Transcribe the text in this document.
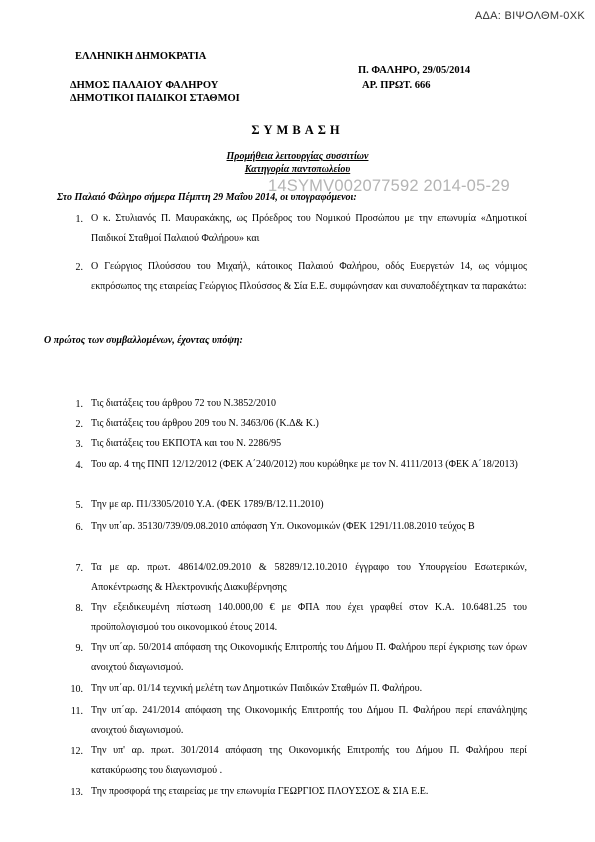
ΑΔΑ: ΒΙΨΟΛΘΜ-0ΧΚ
ΕΛΛΗΝΙΚΗ ΔΗΜΟΚΡΑΤΙΑ
ΔΗΜΟΣ ΠΑΛΑΙΟΥ ΦΑΛΗΡΟΥ
ΔΗΜΟΤΙΚΟΙ ΠΑΙΔΙΚΟΙ ΣΤΑΘΜΟΙ
Π. ΦΑΛΗΡΟ, 29/05/2014
ΑΡ. ΠΡΩΤ. 666
ΣΥΜΒΑΣΗ
Προμήθεια λειτουργίας συσσιτίων
Κατηγορία παντοπωλείου
14SYMV002077592 2014-05-29
Στο Παλαιό Φάληρο σήμερα Πέμπτη 29 Μαΐου 2014, οι υπογραφόμενοι:
1. Ο κ. Στυλιανός Π. Μαυρακάκης, ως Πρόεδρος του Νομικού Προσώπου με την επωνυμία «Δημοτικοί Παιδικοί Σταθμοί Παλαιού Φαλήρου» και
2. Ο Γεώργιος Πλούσσου του Μιχαήλ, κάτοικος Παλαιού Φαλήρου, οδός Ευεργετών 14, ως νόμιμος εκπρόσωπος της εταιρείας Γεώργιος Πλούσσος & Σία Ε.Ε. συμφώνησαν και συναποδέχτηκαν τα παρακάτω:
Ο πρώτος των συμβαλλομένων, έχοντας υπόψη:
1. Τις διατάξεις του άρθρου 72 του Ν.3852/2010
2. Τις διατάξεις του άρθρου 209 του Ν. 3463/06 (Κ.Δ& Κ.)
3. Τις διατάξεις του ΕΚΠΟΤΑ και του Ν. 2286/95
4. Του αρ. 4 της ΠΝΠ 12/12/2012 (ΦΕΚ Α΄240/2012) που κυρώθηκε με τον Ν. 4111/2013 (ΦΕΚ Α΄18/2013)
5. Την με αρ. Π1/3305/2010 Υ.Α. (ΦΕΚ 1789/Β/12.11.2010)
6. Την υπ΄αρ. 35130/739/09.08.2010 απόφαση Υπ. Οικονομικών (ΦΕΚ 1291/11.08.2010 τεύχος Β
7. Τα με αρ. πρωτ. 48614/02.09.2010 & 58289/12.10.2010 έγγραφο του Υπουργείου Εσωτερικών, Αποκέντρωσης & Ηλεκτρονικής Διακυβέρνησης
8. Την εξειδικευμένη πίστωση 140.000,00 € με ΦΠΑ που έχει γραφθεί στον Κ.Α. 10.6481.25 του προϋπολογισμού του οικονομικού έτους 2014.
9. Την υπ΄αρ. 50/2014 απόφαση της Οικονομικής Επιτροπής του Δήμου Π. Φαλήρου περί έγκρισης των όρων ανοιχτού διαγωνισμού.
10. Την υπ΄αρ. 01/14 τεχνική μελέτη των Δημοτικών Παιδικών Σταθμών Π. Φαλήρου.
11. Την υπ΄αρ. 241/2014 απόφαση της Οικονομικής Επιτροπής του Δήμου Π. Φαλήρου περί επανάληψης ανοιχτού διαγωνισμού.
12. Την υπ' αρ. πρωτ. 301/2014 απόφαση της Οικονομικής Επιτροπής του Δήμου Π. Φαλήρου περί κατακύρωσης του διαγωνισμού .
13. Την προσφορά της εταιρείας με την επωνυμία ΓΕΩΡΓΙΟΣ ΠΛΟΥΣΣΟΣ & ΣΙΑ Ε.Ε.
